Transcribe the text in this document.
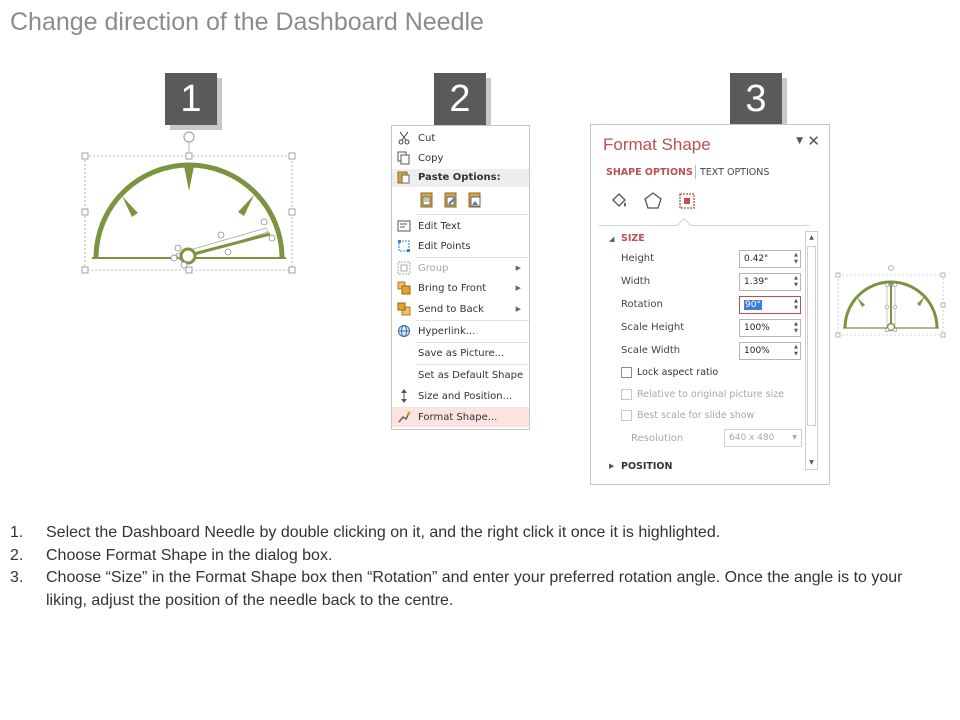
Change direction of the Dashboard Needle
1	2	3
Cut
Copy
Paste Options:
Edit Text
Edit Points
Group	▶
Bring to Front	▶
Send to Back	▶
Hyperlink...
Save as Picture...
Set as Default Shape
Size and Position...
Format Shape...
Format Shape	▼ ✕
SHAPE OPTIONS TEXT OPTIONS
◢ SIZE
Height	0.42"	▲
▼
Width	1.39"	▲
▼
Rotation	90°	▲
▼
Scale Height	100%	▲
▼
Scale Width	100%	▲
▼
Lock aspect ratio
Relative to original picture size
Best scale for slide show
Resolution	640 x 480	▼
▶ POSITION
▲
▼
1. Select the Dashboard Needle by double clicking on it, and the right click it once it is highlighted.
2. Choose Format Shape in the dialog box.
3. Choose “Size” in the Format Shape box then “Rotation” and enter your preferred rotation angle. Once the angle is to your liking, adjust the position of the needle back to the centre.
